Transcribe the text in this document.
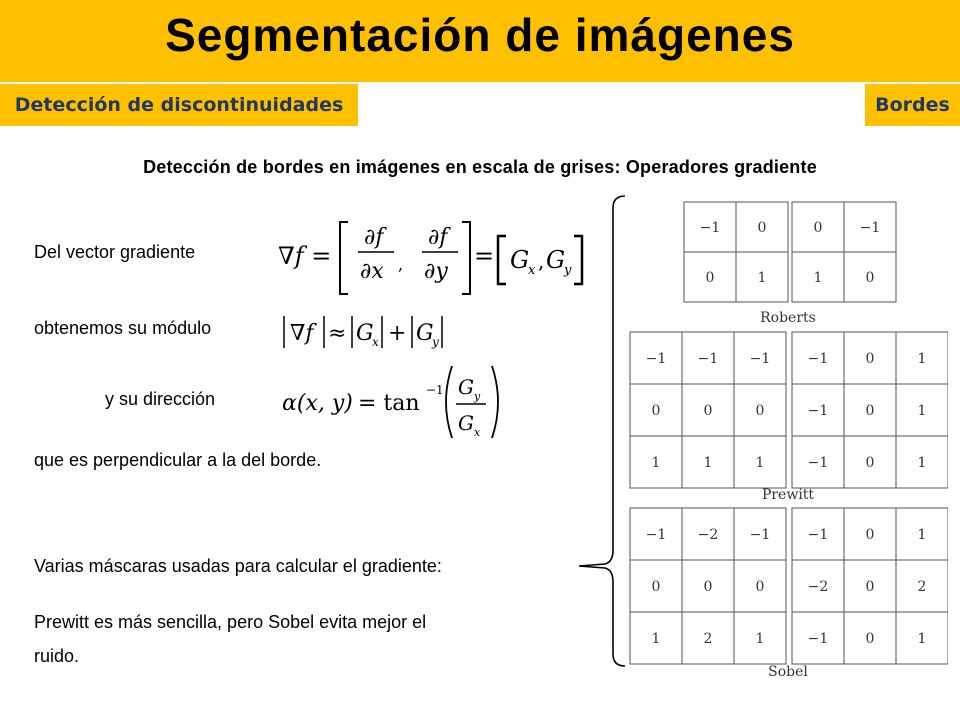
Segmentación de imágenes
Detección de discontinuidades	Bordes
Detección de bordes en imágenes en escala de grises: Operadores gradiente
Del vector gradiente
obtenemos su módulo
y su dirección
que es perpendicular a la del borde.
Varias máscaras usadas para calcular el gradiente:
Prewitt es más sencilla, pero Sobel evita mejor el
ruido.
∇f =
∂f
∂x ,
∂f
∂y
= G
x , G
y
∇f ≈ G
x + G
y
α(x, y) = tan
−1 G y
G x
−1	0
0	1
0	−1
1	0
Roberts
−1 −1 −1
0	0	0
1	1	1
−1	0	1
−1	0	1
−1	0	1
Prewitt
−1 −2 −1
0	0	0
1	2	1
−1	0	1
−2	0	2
−1	0	1
Sobel
